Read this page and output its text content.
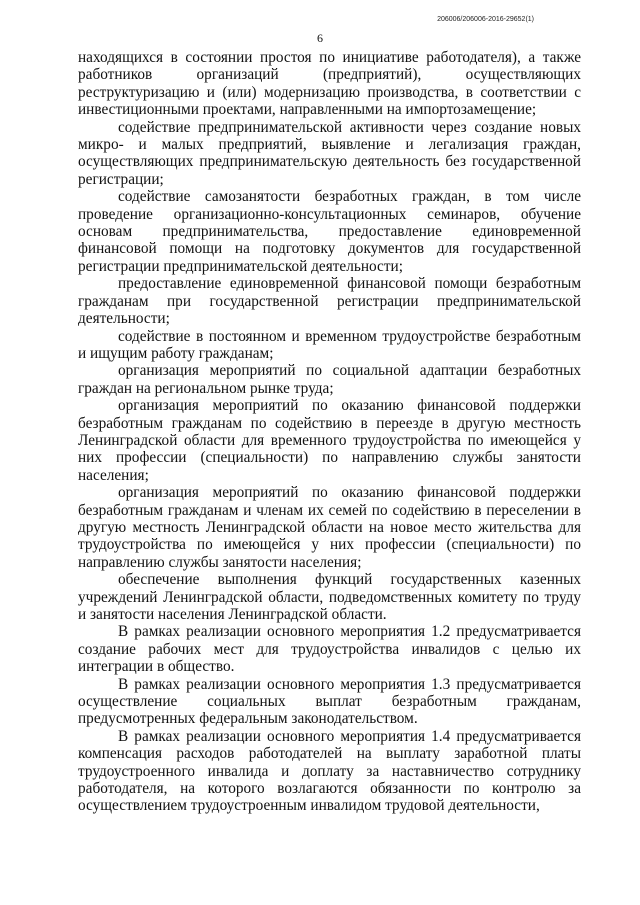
206006/206006-2016-29652(1)
6

находящихся в состоянии простоя по инициативе работодателя), а также работников организаций (предприятий), осуществляющих реструктуризацию и (или) модернизацию производства, в соответствии с инвестиционными проектами, направленными на импортозамещение;

содействие предпринимательской активности через создание новых микро- и малых предприятий, выявление и легализация граждан, осуществляющих предпринимательскую деятельность без государственной регистрации;

содействие самозанятости безработных граждан, в том числе проведение организационно-консультационных семинаров, обучение основам предпринимательства, предоставление единовременной финансовой помощи на подготовку документов для государственной регистрации предпринимательской деятельности;

предоставление единовременной финансовой помощи безработным гражданам при государственной регистрации предпринимательской деятельности;

содействие в постоянном и временном трудоустройстве безработным и ищущим работу гражданам;

организация мероприятий по социальной адаптации безработных граждан на региональном рынке труда;

организация мероприятий по оказанию финансовой поддержки безработным гражданам по содействию в переезде в другую местность Ленинградской области для временного трудоустройства по имеющейся у них профессии (специальности) по направлению службы занятости населения;

организация мероприятий по оказанию финансовой поддержки безработным гражданам и членам их семей по содействию в переселении в другую местность Ленинградской области на новое место жительства для трудоустройства по имеющейся у них профессии (специальности) по направлению службы занятости населения;

обеспечение выполнения функций государственных казенных учреждений Ленинградской области, подведомственных комитету по труду и занятости населения Ленинградской области.

В рамках реализации основного мероприятия 1.2 предусматривается создание рабочих мест для трудоустройства инвалидов с целью их интеграции в общество.

В рамках реализации основного мероприятия 1.3 предусматривается осуществление социальных выплат безработным гражданам, предусмотренных федеральным законодательством.

В рамках реализации основного мероприятия 1.4 предусматривается компенсация расходов работодателей на выплату заработной платы трудоустроенного инвалида и доплату за наставничество сотруднику работодателя, на которого возлагаются обязанности по контролю за осуществлением трудоустроенным инвалидом трудовой деятельности,
